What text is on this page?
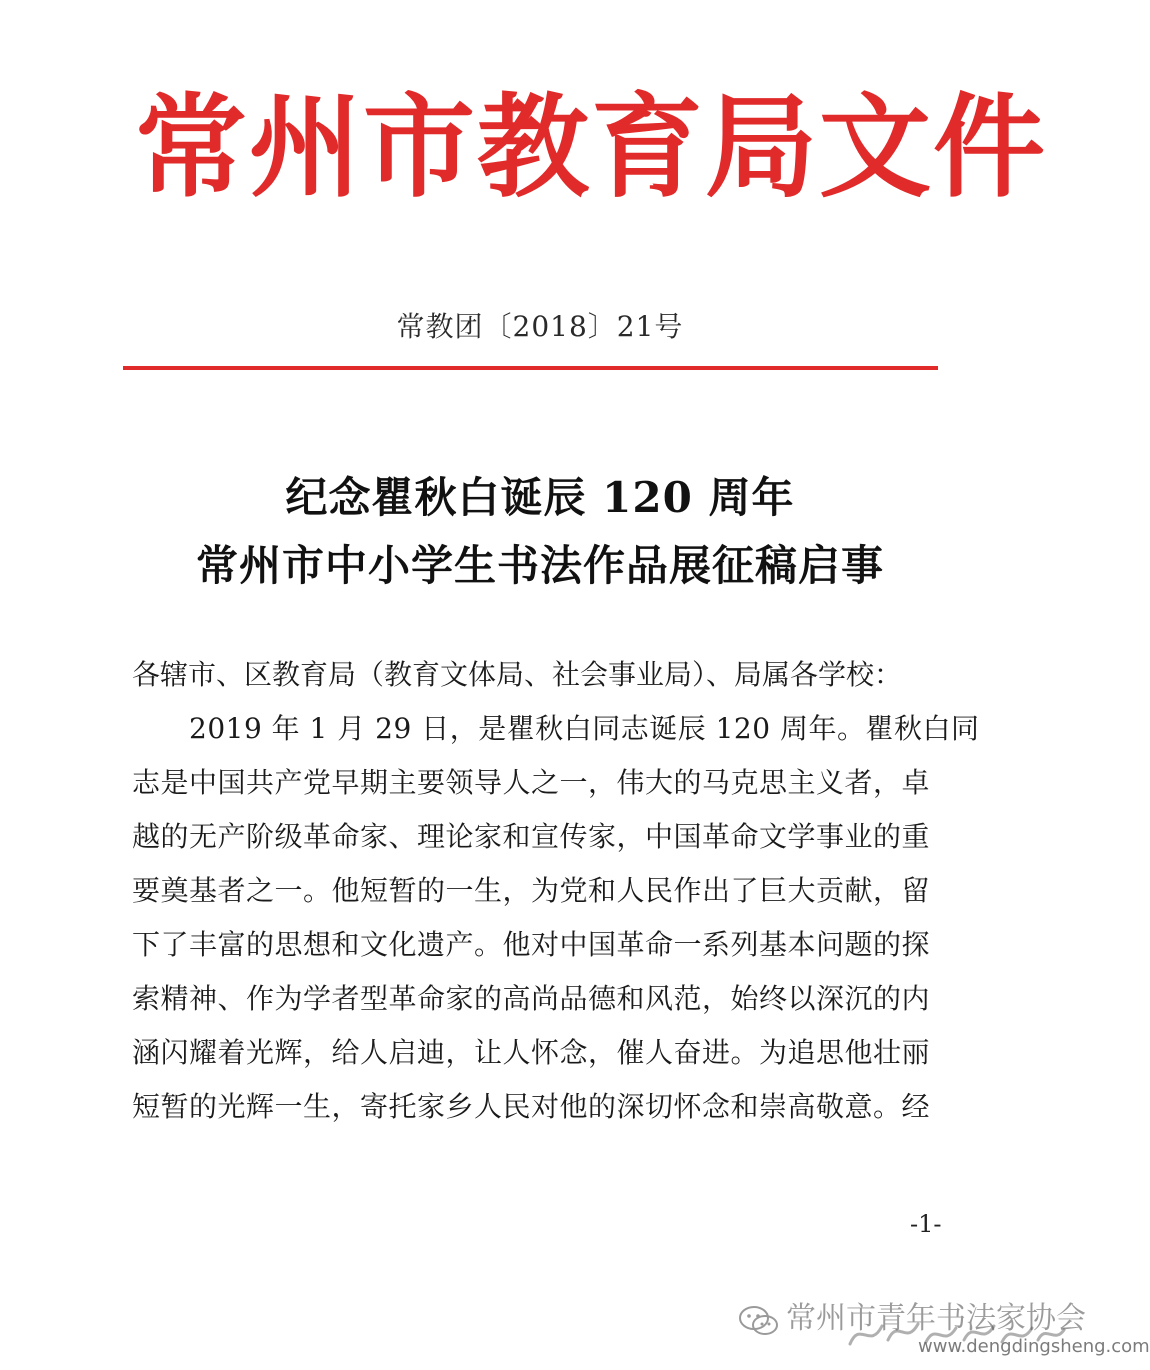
常州市教育局文件
常教团〔2018〕21号
纪念瞿秋白诞辰 120 周年
常州市中小学生书法作品展征稿启事
各辖市、区教育局（教育文体局、社会事业局）、局属各学校：
　　2019 年 1 月 29 日，是瞿秋白同志诞辰 120 周年。瞿秋白同
志是中国共产党早期主要领导人之一，伟大的马克思主义者，卓
越的无产阶级革命家、理论家和宣传家，中国革命文学事业的重
要奠基者之一。他短暂的一生，为党和人民作出了巨大贡献，留
下了丰富的思想和文化遗产。他对中国革命一系列基本问题的探
索精神、作为学者型革命家的高尚品德和风范，始终以深沉的内
涵闪耀着光辉，给人启迪，让人怀念，催人奋进。为追思他壮丽
短暂的光辉一生，寄托家乡人民对他的深切怀念和崇高敬意。经
-1-
常州市青年书法家协会
www.dengdingsheng.com
